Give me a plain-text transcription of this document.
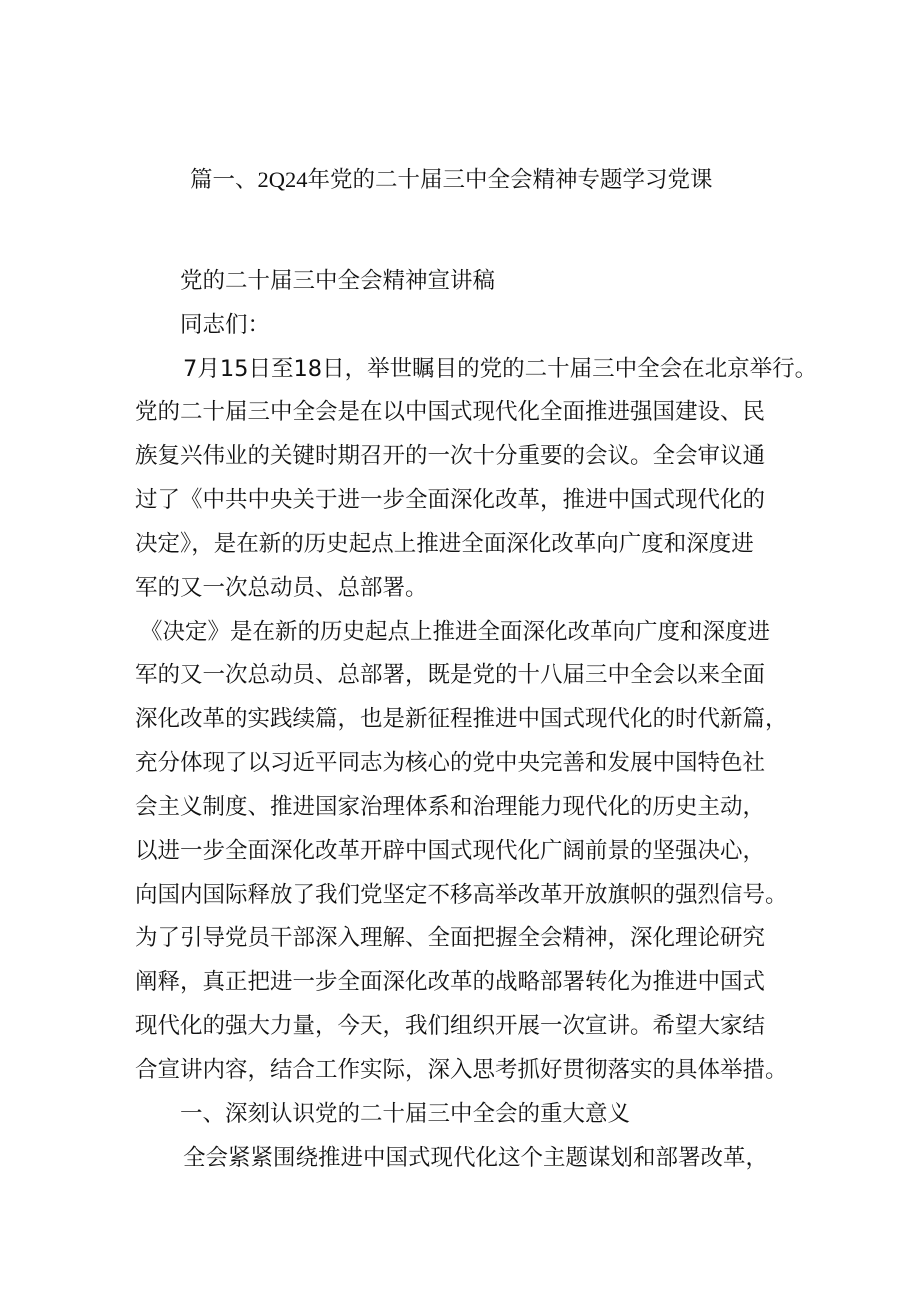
篇一、2Q24年党的二十届三中全会精神专题学习党课
党的二十届三中全会精神宣讲稿
同志们：
7月15日至18日，举世瞩目的党的二十届三中全会在北京举行。
党的二十届三中全会是在以中国式现代化全面推进强国建设、民
族复兴伟业的关键时期召开的一次十分重要的会议。全会审议通
过了《中共中央关于进一步全面深化改革，推进中国式现代化的
决定》，是在新的历史起点上推进全面深化改革向广度和深度进
军的又一次总动员、总部署。
《决定》是在新的历史起点上推进全面深化改革向广度和深度进
军的又一次总动员、总部署，既是党的十八届三中全会以来全面
深化改革的实践续篇，也是新征程推进中国式现代化的时代新篇，
充分体现了以习近平同志为核心的党中央完善和发展中国特色社
会主义制度、推进国家治理体系和治理能力现代化的历史主动，
以进一步全面深化改革开辟中国式现代化广阔前景的坚强决心，
向国内国际释放了我们党坚定不移高举改革开放旗帜的强烈信号。
为了引导党员干部深入理解、全面把握全会精神，深化理论研究
阐释，真正把进一步全面深化改革的战略部署转化为推进中国式
现代化的强大力量，今天，我们组织开展一次宣讲。希望大家结
合宣讲内容，结合工作实际，深入思考抓好贯彻落实的具体举措。
一、深刻认识党的二十届三中全会的重大意义
全会紧紧围绕推进中国式现代化这个主题谋划和部署改革，
